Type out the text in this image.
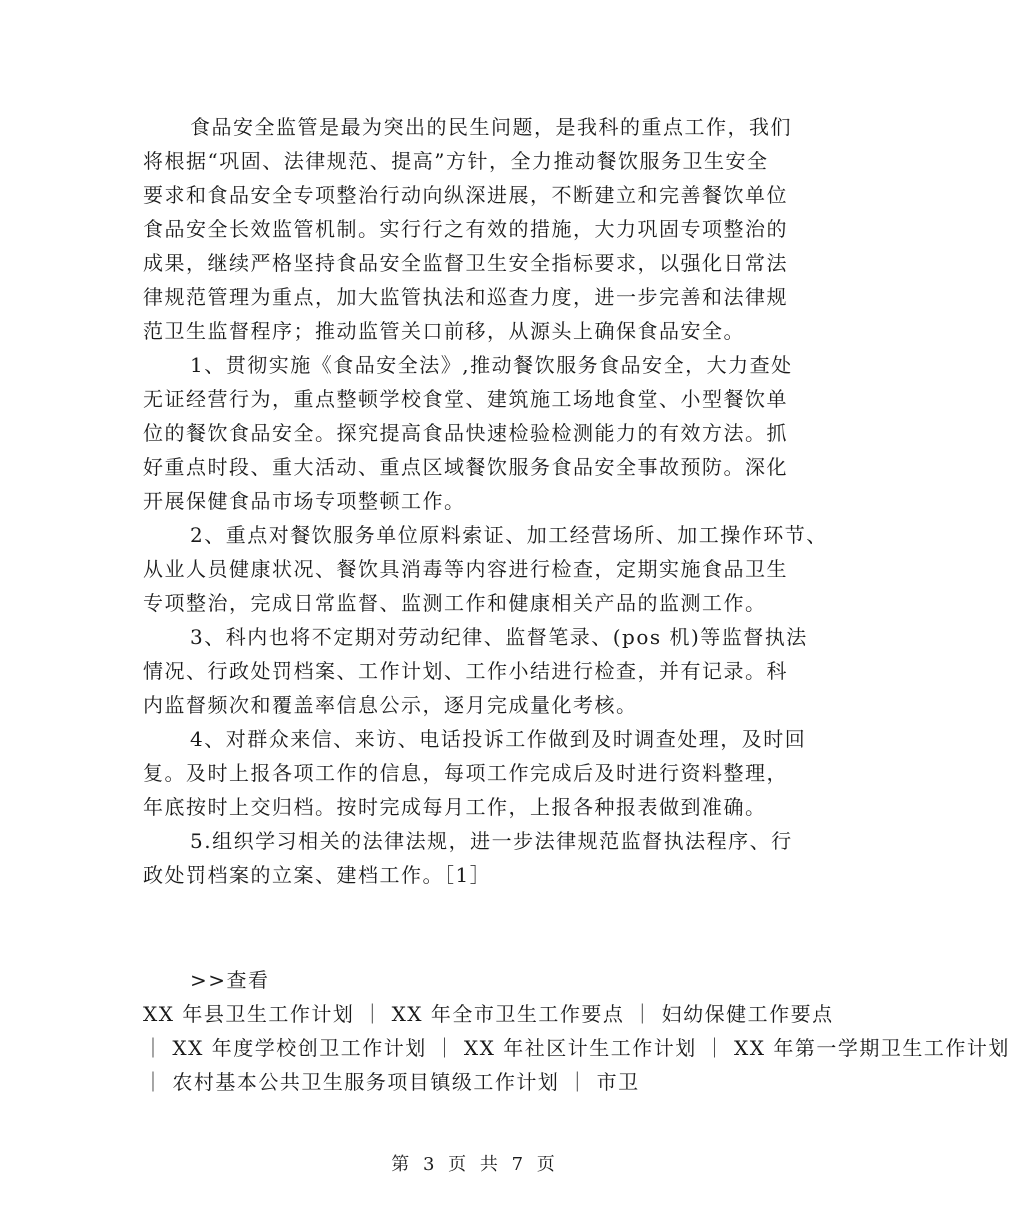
食品安全监管是最为突出的民生问题，是我科的重点工作，我们
将根据“巩固、法律规范、提高”方针，全力推动餐饮服务卫生安全
要求和食品安全专项整治行动向纵深进展，不断建立和完善餐饮单位
食品安全长效监管机制。实行行之有效的措施，大力巩固专项整治的
成果，继续严格坚持食品安全监督卫生安全指标要求，以强化日常法
律规范管理为重点，加大监管执法和巡查力度，进一步完善和法律规
范卫生监督程序；推动监管关口前移，从源头上确保食品安全。
1、贯彻实施《食品安全法》,推动餐饮服务食品安全，大力查处
无证经营行为，重点整顿学校食堂、建筑施工场地食堂、小型餐饮单
位的餐饮食品安全。探究提高食品快速检验检测能力的有效方法。抓
好重点时段、重大活动、重点区域餐饮服务食品安全事故预防。深化
开展保健食品市场专项整顿工作。
2、重点对餐饮服务单位原料索证、加工经营场所、加工操作环节、
从业人员健康状况、餐饮具消毒等内容进行检查，定期实施食品卫生
专项整治，完成日常监督、监测工作和健康相关产品的监测工作。
3、科内也将不定期对劳动纪律、监督笔录、(pos 机)等监督执法
情况、行政处罚档案、工作计划、工作小结进行检查，并有记录。科
内监督频次和覆盖率信息公示，逐月完成量化考核。
4、对群众来信、来访、电话投诉工作做到及时调查处理，及时回
复。及时上报各项工作的信息，每项工作完成后及时进行资料整理，
年底按时上交归档。按时完成每月工作，上报各种报表做到准确。
5.组织学习相关的法律法规，进一步法律规范监督执法程序、行
政处罚档案的立案、建档工作。［1］
>>查看
XX 年县卫生工作计划 ｜ XX 年全市卫生工作要点 ｜ 妇幼保健工作要点
｜ XX 年度学校创卫工作计划 ｜ XX 年社区计生工作计划 ｜ XX 年第一学期卫生工作计划
｜ 农村基本公共卫生服务项目镇级工作计划 ｜ 市卫
第 3 页 共 7 页
